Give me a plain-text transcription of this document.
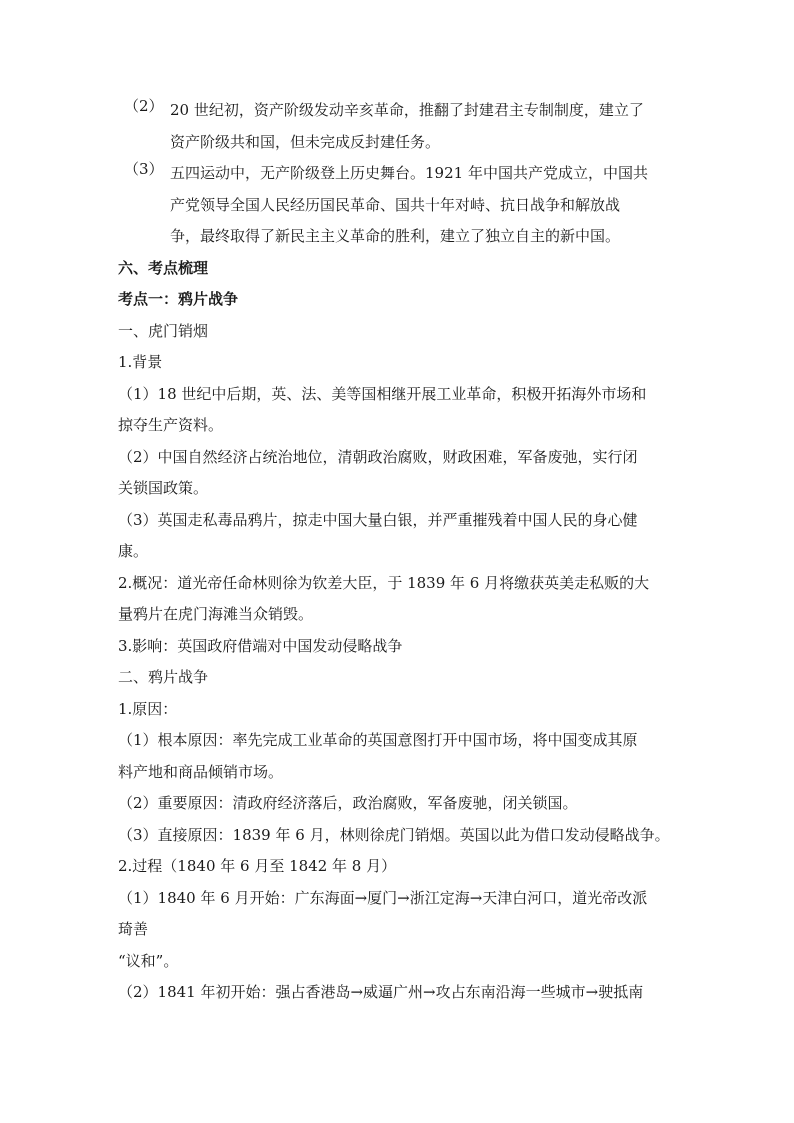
（2） 20 世纪初，资产阶级发动辛亥革命，推翻了封建君主专制制度，建立了
资产阶级共和国，但未完成反封建任务。
（3） 五四运动中，无产阶级登上历史舞台。1921 年中国共产党成立，中国共
产党领导全国人民经历国民革命、国共十年对峙、抗日战争和解放战
争，最终取得了新民主主义革命的胜利，建立了独立自主的新中国。
六、考点梳理
考点一：鸦片战争
一、虎门销烟
1.背景
（1）18 世纪中后期，英、法、美等国相继开展工业革命，积极开拓海外市场和
掠夺生产资料。
（2）中国自然经济占统治地位，清朝政治腐败，财政困难，军备废弛，实行闭
关锁国政策。
（3）英国走私毒品鸦片，掠走中国大量白银，并严重摧残着中国人民的身心健
康。
2.概况：道光帝任命林则徐为钦差大臣，于 1839 年 6 月将缴获英美走私贩的大
量鸦片在虎门海滩当众销毁。
3.影响：英国政府借端对中国发动侵略战争
二、鸦片战争
1.原因：
（1）根本原因：率先完成工业革命的英国意图打开中国市场，将中国变成其原
料产地和商品倾销市场。
（2）重要原因：清政府经济落后，政治腐败，军备废驰，闭关锁国。
（3）直接原因：1839 年 6 月，林则徐虎门销烟。英国以此为借口发动侵略战争。
2.过程（1840 年 6 月至 1842 年 8 月）
（1）1840 年 6 月开始：广东海面→厦门→浙江定海→天津白河口，道光帝改派
琦善
“议和”。
（2）1841 年初开始：强占香港岛→威逼广州→攻占东南沿海一些城市→驶抵南
